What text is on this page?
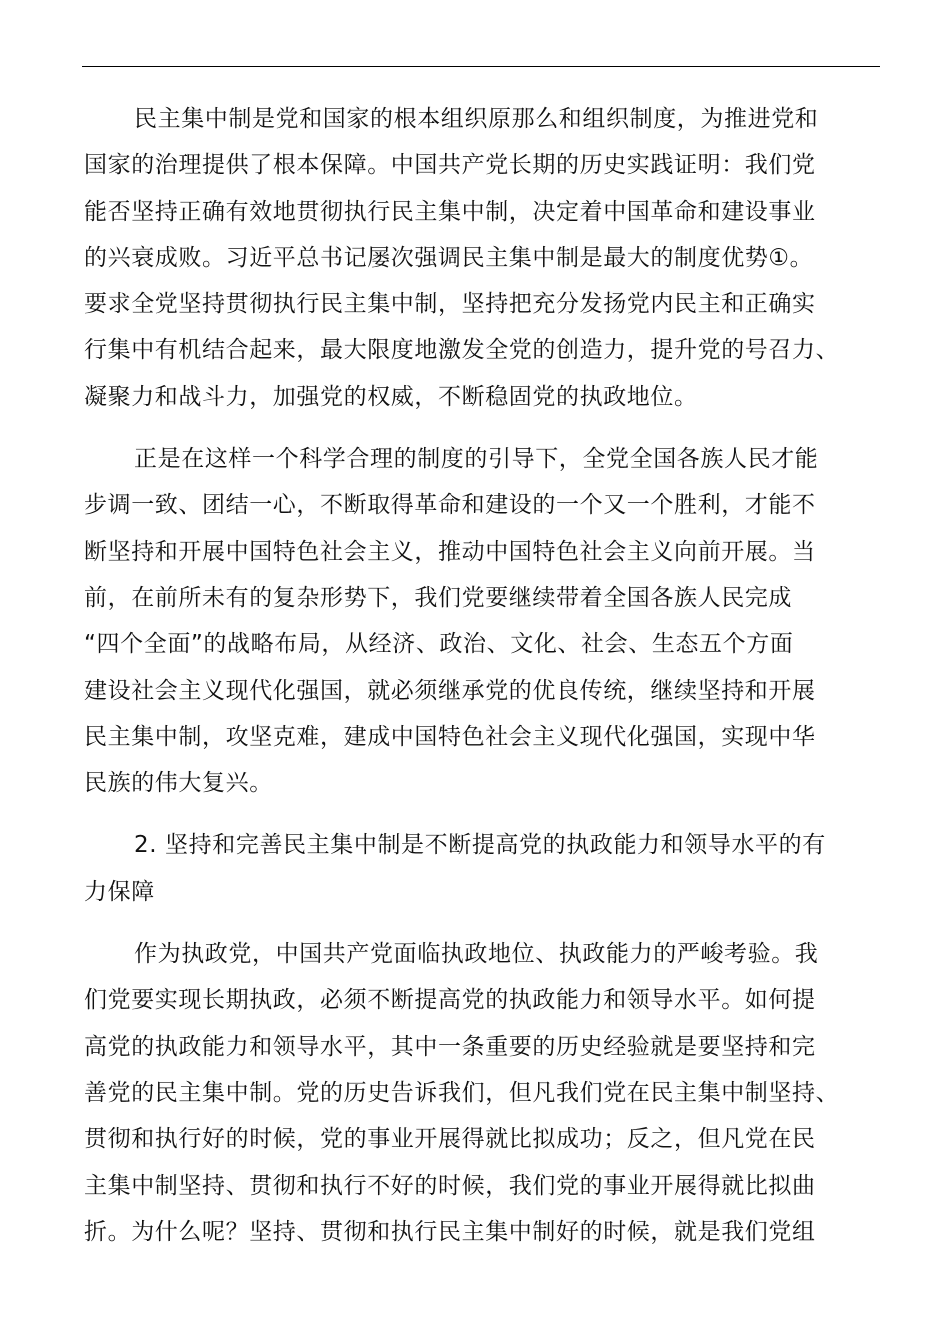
民主集中制是党和国家的根本组织原那么和组织制度，为推进党和
国家的治理提供了根本保障。中国共产党长期的历史实践证明：我们党
能否坚持正确有效地贯彻执行民主集中制，决定着中国革命和建设事业
的兴衰成败。习近平总书记屡次强调民主集中制是最大的制度优势①。
要求全党坚持贯彻执行民主集中制，坚持把充分发扬党内民主和正确实
行集中有机结合起来，最大限度地激发全党的创造力，提升党的号召力、
凝聚力和战斗力，加强党的权威，不断稳固党的执政地位。

正是在这样一个科学合理的制度的引导下，全党全国各族人民才能
步调一致、团结一心，不断取得革命和建设的一个又一个胜利，才能不
断坚持和开展中国特色社会主义，推动中国特色社会主义向前开展。当
前，在前所未有的复杂形势下，我们党要继续带着全国各族人民完成
“四个全面”的战略布局，从经济、政治、文化、社会、生态五个方面
建设社会主义现代化强国，就必须继承党的优良传统，继续坚持和开展
民主集中制，攻坚克难，建成中国特色社会主义现代化强国，实现中华
民族的伟大复兴。

2. 坚持和完善民主集中制是不断提高党的执政能力和领导水平的有
力保障

作为执政党，中国共产党面临执政地位、执政能力的严峻考验。我
们党要实现长期执政，必须不断提高党的执政能力和领导水平。如何提
高党的执政能力和领导水平，其中一条重要的历史经验就是要坚持和完
善党的民主集中制。党的历史告诉我们，但凡我们党在民主集中制坚持、
贯彻和执行好的时候，党的事业开展得就比拟成功；反之，但凡党在民
主集中制坚持、贯彻和执行不好的时候，我们党的事业开展得就比拟曲
折。为什么呢？坚持、贯彻和执行民主集中制好的时候，就是我们党组
